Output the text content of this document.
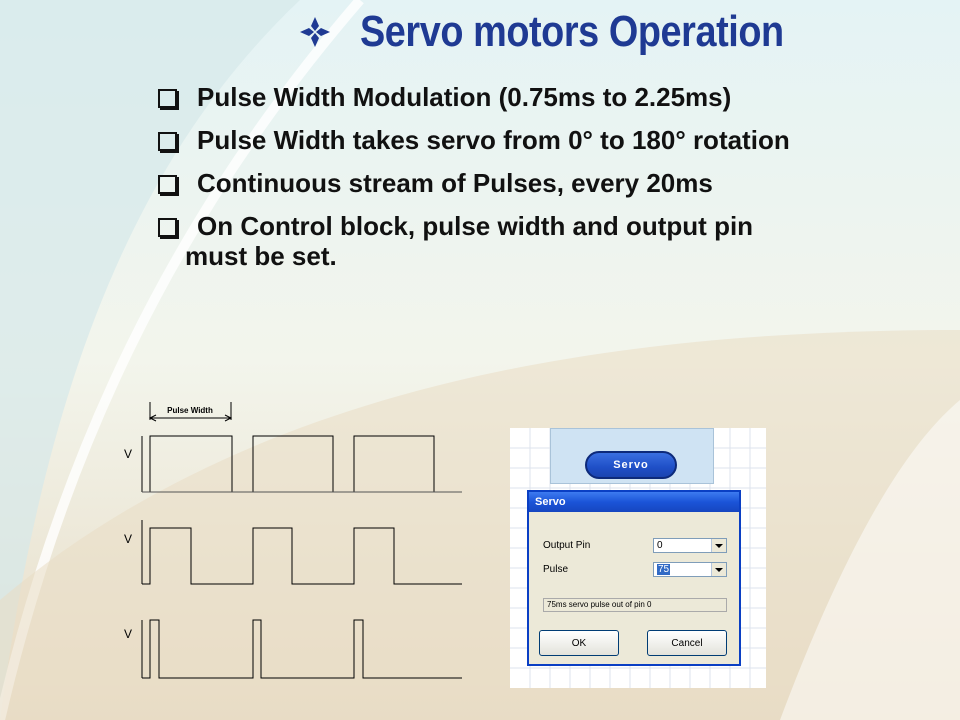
Servo motors Operation
Pulse Width Modulation (0.75ms to 2.25ms)
Pulse Width takes servo from 0° to 180° rotation
Continuous stream of Pulses, every 20ms
On Control block, pulse width and output pin
must be set.
Pulse Width
V
V
V
Servo
Servo
Output Pin	0
Pulse	75
75ms servo pulse out of pin 0
OK	Cancel
